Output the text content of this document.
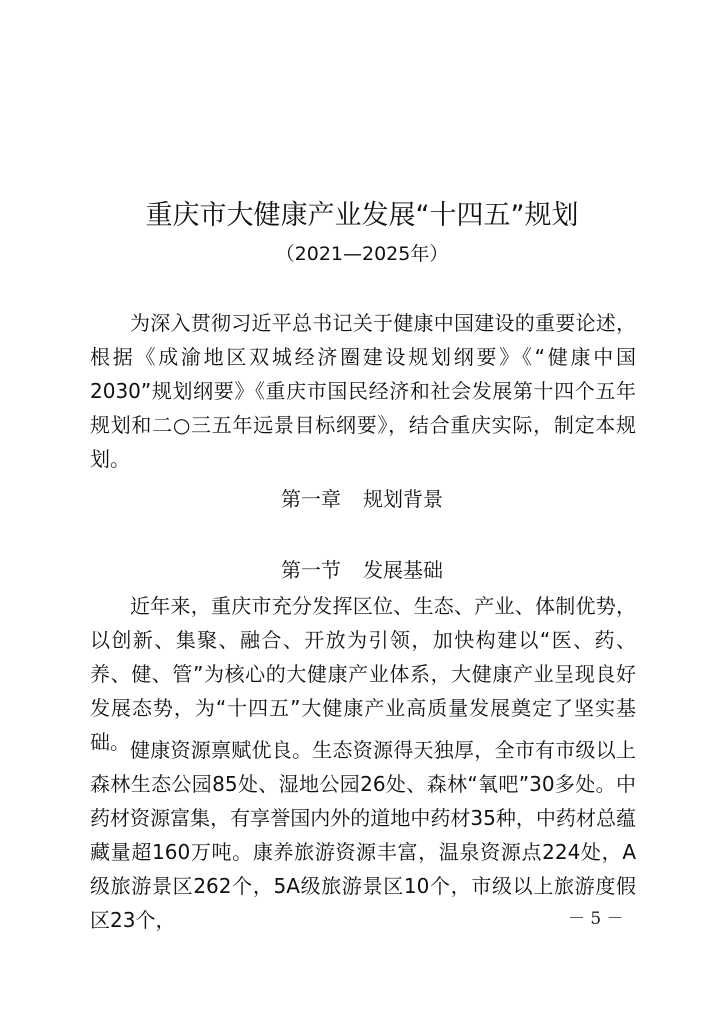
重庆市大健康产业发展“十四五”规划
（2021—2025年）

为深入贯彻习近平总书记关于健康中国建设的重要论述，根据《成渝地区双城经济圈建设规划纲要》《“健康中国2030”规划纲要》《重庆市国民经济和社会发展第十四个五年规划和二○三五年远景目标纲要》，结合重庆实际，制定本规划。

第一章 规划背景
第一节 发展基础

近年来，重庆市充分发挥区位、生态、产业、体制优势，以创新、集聚、融合、开放为引领，加快构建以“医、药、养、健、管”为核心的大健康产业体系，大健康产业呈现良好发展态势，为“十四五”大健康产业高质量发展奠定了坚实基础。 健康资源禀赋优良。生态资源得天独厚，全市有市级以上森林生态公园85处、湿地公园26处、森林“氧吧”30多处。中药材资源富集，有享誉国内外的道地中药材35种，中药材总蕴藏量超160万吨。康养旅游资源丰富，温泉资源点224处，A级旅游景区262个，5A级旅游景区10个，市级以上旅游度假区23个，	－ 5 －
